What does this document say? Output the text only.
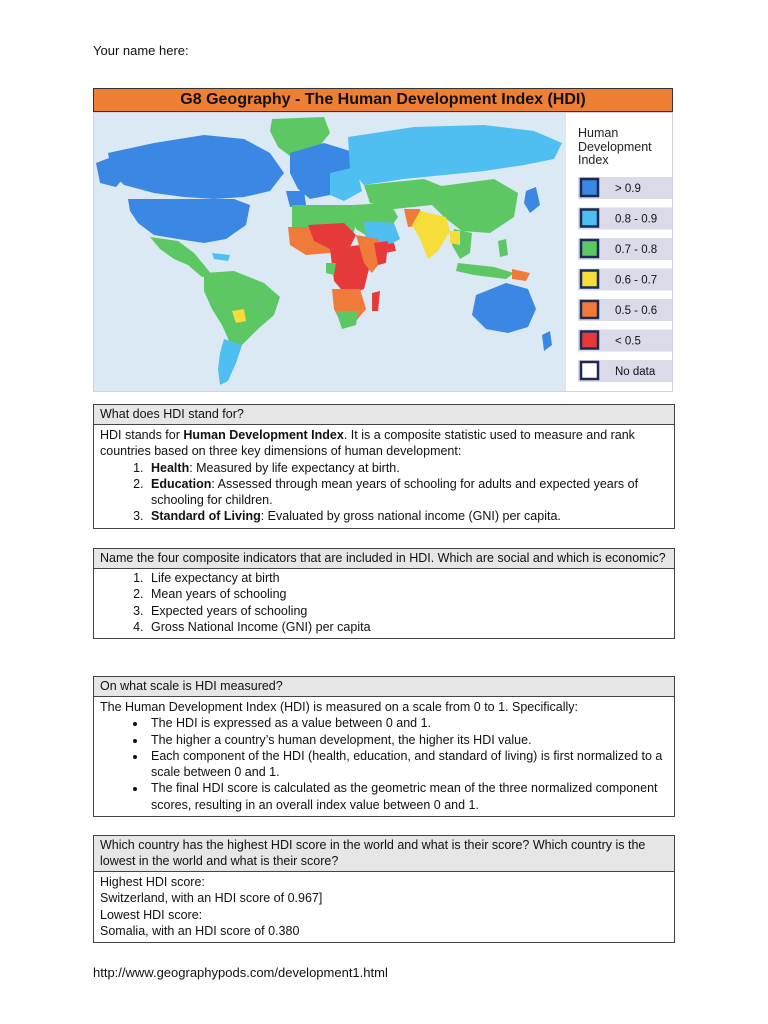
Your name here:
G8 Geography - The Human Development Index (HDI)
Human
Development
Index
> 0.9
0.8 - 0.9
0.7 - 0.8
0.6 - 0.7
0.5 - 0.6
< 0.5
No data
What does HDI stand for?
HDI stands for Human Development Index. It is a composite statistic used to measure and rank countries based on three key dimensions of human development:
1. Health: Measured by life expectancy at birth.
2. Education: Assessed through mean years of schooling for adults and expected years of schooling for children.
3. Standard of Living: Evaluated by gross national income (GNI) per capita.
Name the four composite indicators that are included in HDI. Which are social and which is economic?
1. Life expectancy at birth
2. Mean years of schooling
3. Expected years of schooling
4. Gross National Income (GNI) per capita
On what scale is HDI measured?
The Human Development Index (HDI) is measured on a scale from 0 to 1. Specifically:
• The HDI is expressed as a value between 0 and 1.
• The higher a country’s human development, the higher its HDI value.
• Each component of the HDI (health, education, and standard of living) is first normalized to a scale between 0 and 1.
• The final HDI score is calculated as the geometric mean of the three normalized component scores, resulting in an overall index value between 0 and 1.
Which country has the highest HDI score in the world and what is their score? Which country is the lowest in the world and what is their score?
Highest HDI score:
Switzerland, with an HDI score of 0.967]
Lowest HDI score:
Somalia, with an HDI score of 0.380
http://www.geographypods.com/development1.html
